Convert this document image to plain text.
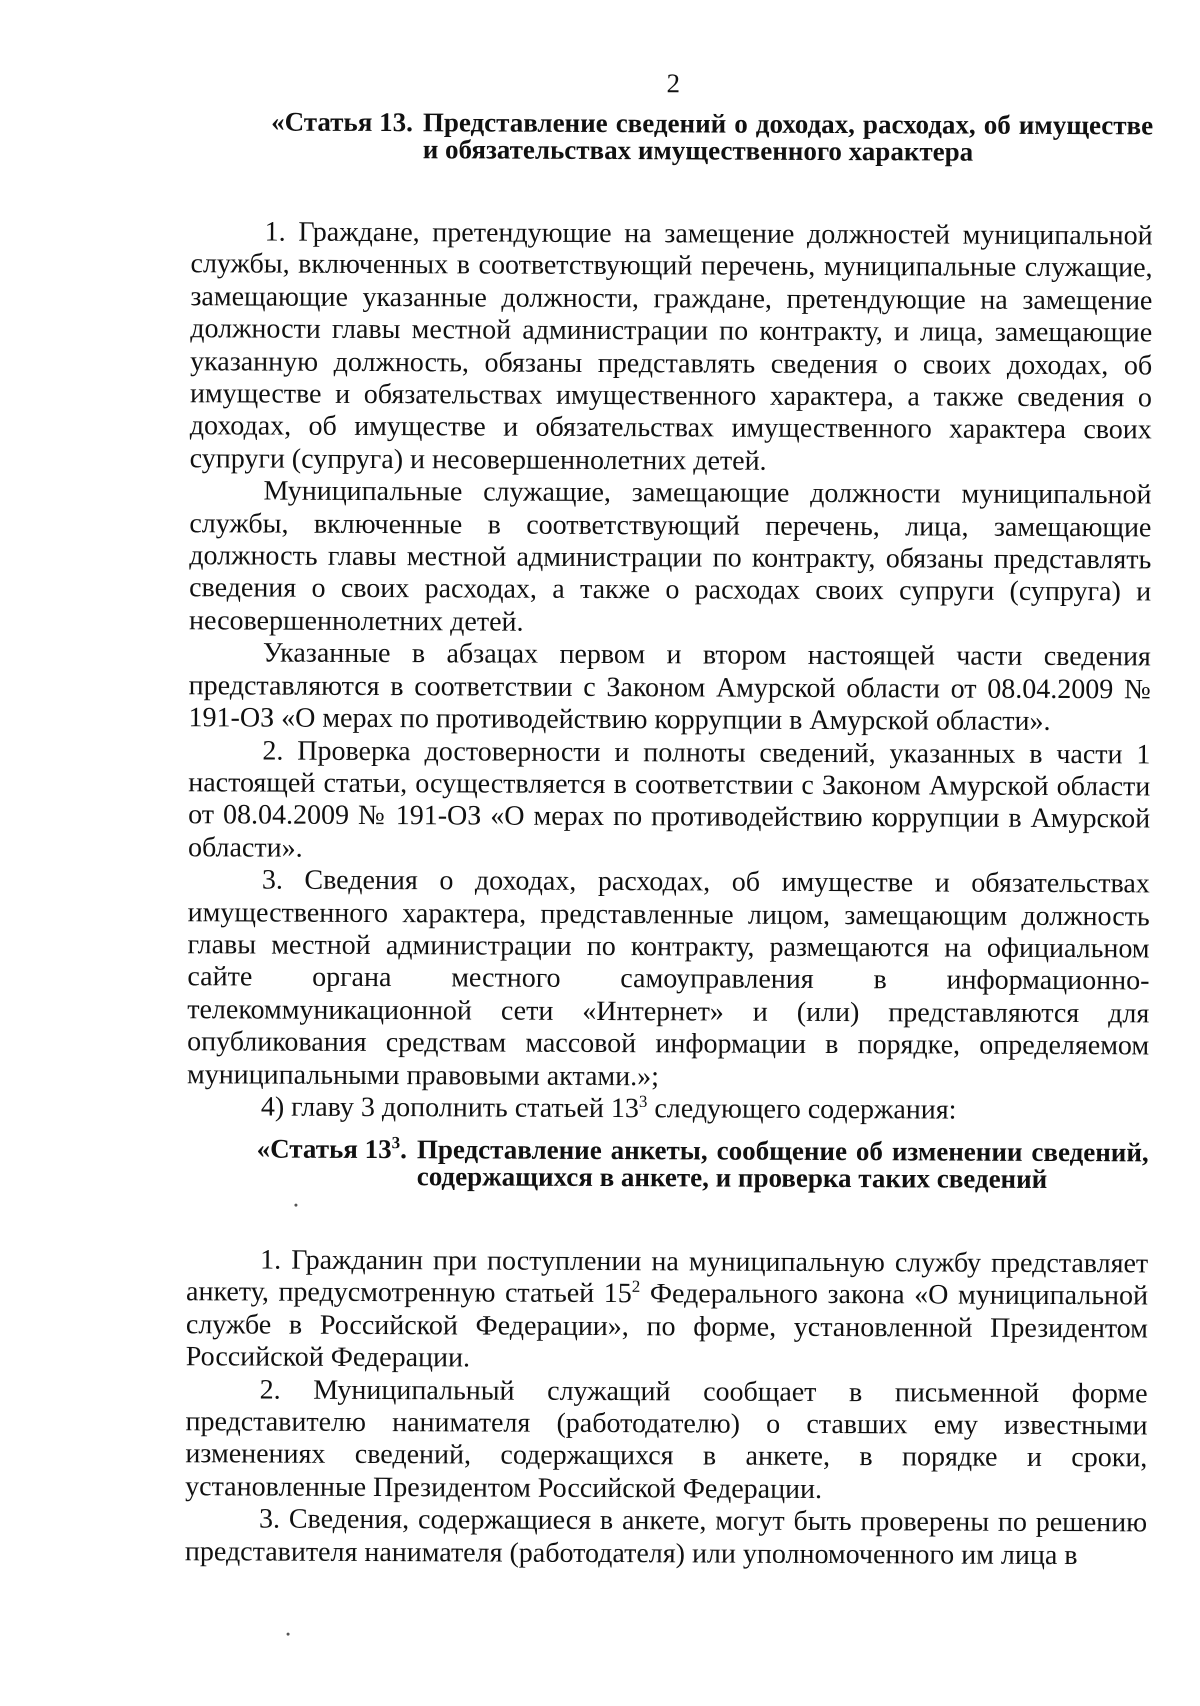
2
«Статья 13. Представление сведений о доходах, расходах, об имуществе и обязательствах имущественного характера

1. Граждане, претендующие на замещение должностей муниципальной службы, включенных в соответствующий перечень, муниципальные служащие, замещающие указанные должности, граждане, претендующие на замещение должности главы местной администрации по контракту, и лица, замещающие указанную должность, обязаны представлять сведения о своих доходах, об имуществе и обязательствах имущественного характера, а также сведения о доходах, об имуществе и обязательствах имущественного характера своих супруги (супруга) и несовершеннолетних детей.

Муниципальные служащие, замещающие должности муниципальной службы, включенные в соответствующий перечень, лица, замещающие должность главы местной администрации по контракту, обязаны представлять сведения о своих расходах, а также о расходах своих супруги (супруга) и несовершеннолетних детей.

Указанные в абзацах первом и втором настоящей части сведения представляются в соответствии с Законом Амурской области от 08.04.2009 № 191-ОЗ «О мерах по противодействию коррупции в Амурской области».

2. Проверка достоверности и полноты сведений, указанных в части 1 настоящей статьи, осуществляется в соответствии с Законом Амурской области от 08.04.2009 № 191-ОЗ «О мерах по противодействию коррупции в Амурской области».

3. Сведения о доходах, расходах, об имуществе и обязательствах имущественного характера, представленные лицом, замещающим должность главы местной администрации по контракту, размещаются на официальном сайте органа местного самоуправления в информационно-телекоммуникационной сети «Интернет» и (или) представляются для опубликования средствам массовой информации в порядке, определяемом муниципальными правовыми актами.»;

4) главу 3 дополнить статьей $13^3$ следующего содержания:

«Статья $13^3$. Представление анкеты, сообщение об изменении сведений, содержащихся в анкете, и проверка таких сведений

1. Гражданин при поступлении на муниципальную службу представляет анкету, предусмотренную статьей $15^2$ Федерального закона «О муниципальной службе в Российской Федерации», по форме, установленной Президентом Российской Федерации.

2. Муниципальный служащий сообщает в письменной форме представителю нанимателя (работодателю) о ставших ему известными изменениях сведений, содержащихся в анкете, в порядке и сроки, установленные Президентом Российской Федерации.

3. Сведения, содержащиеся в анкете, могут быть проверены по решению представителя нанимателя (работодателя) или уполномоченного им лица в
